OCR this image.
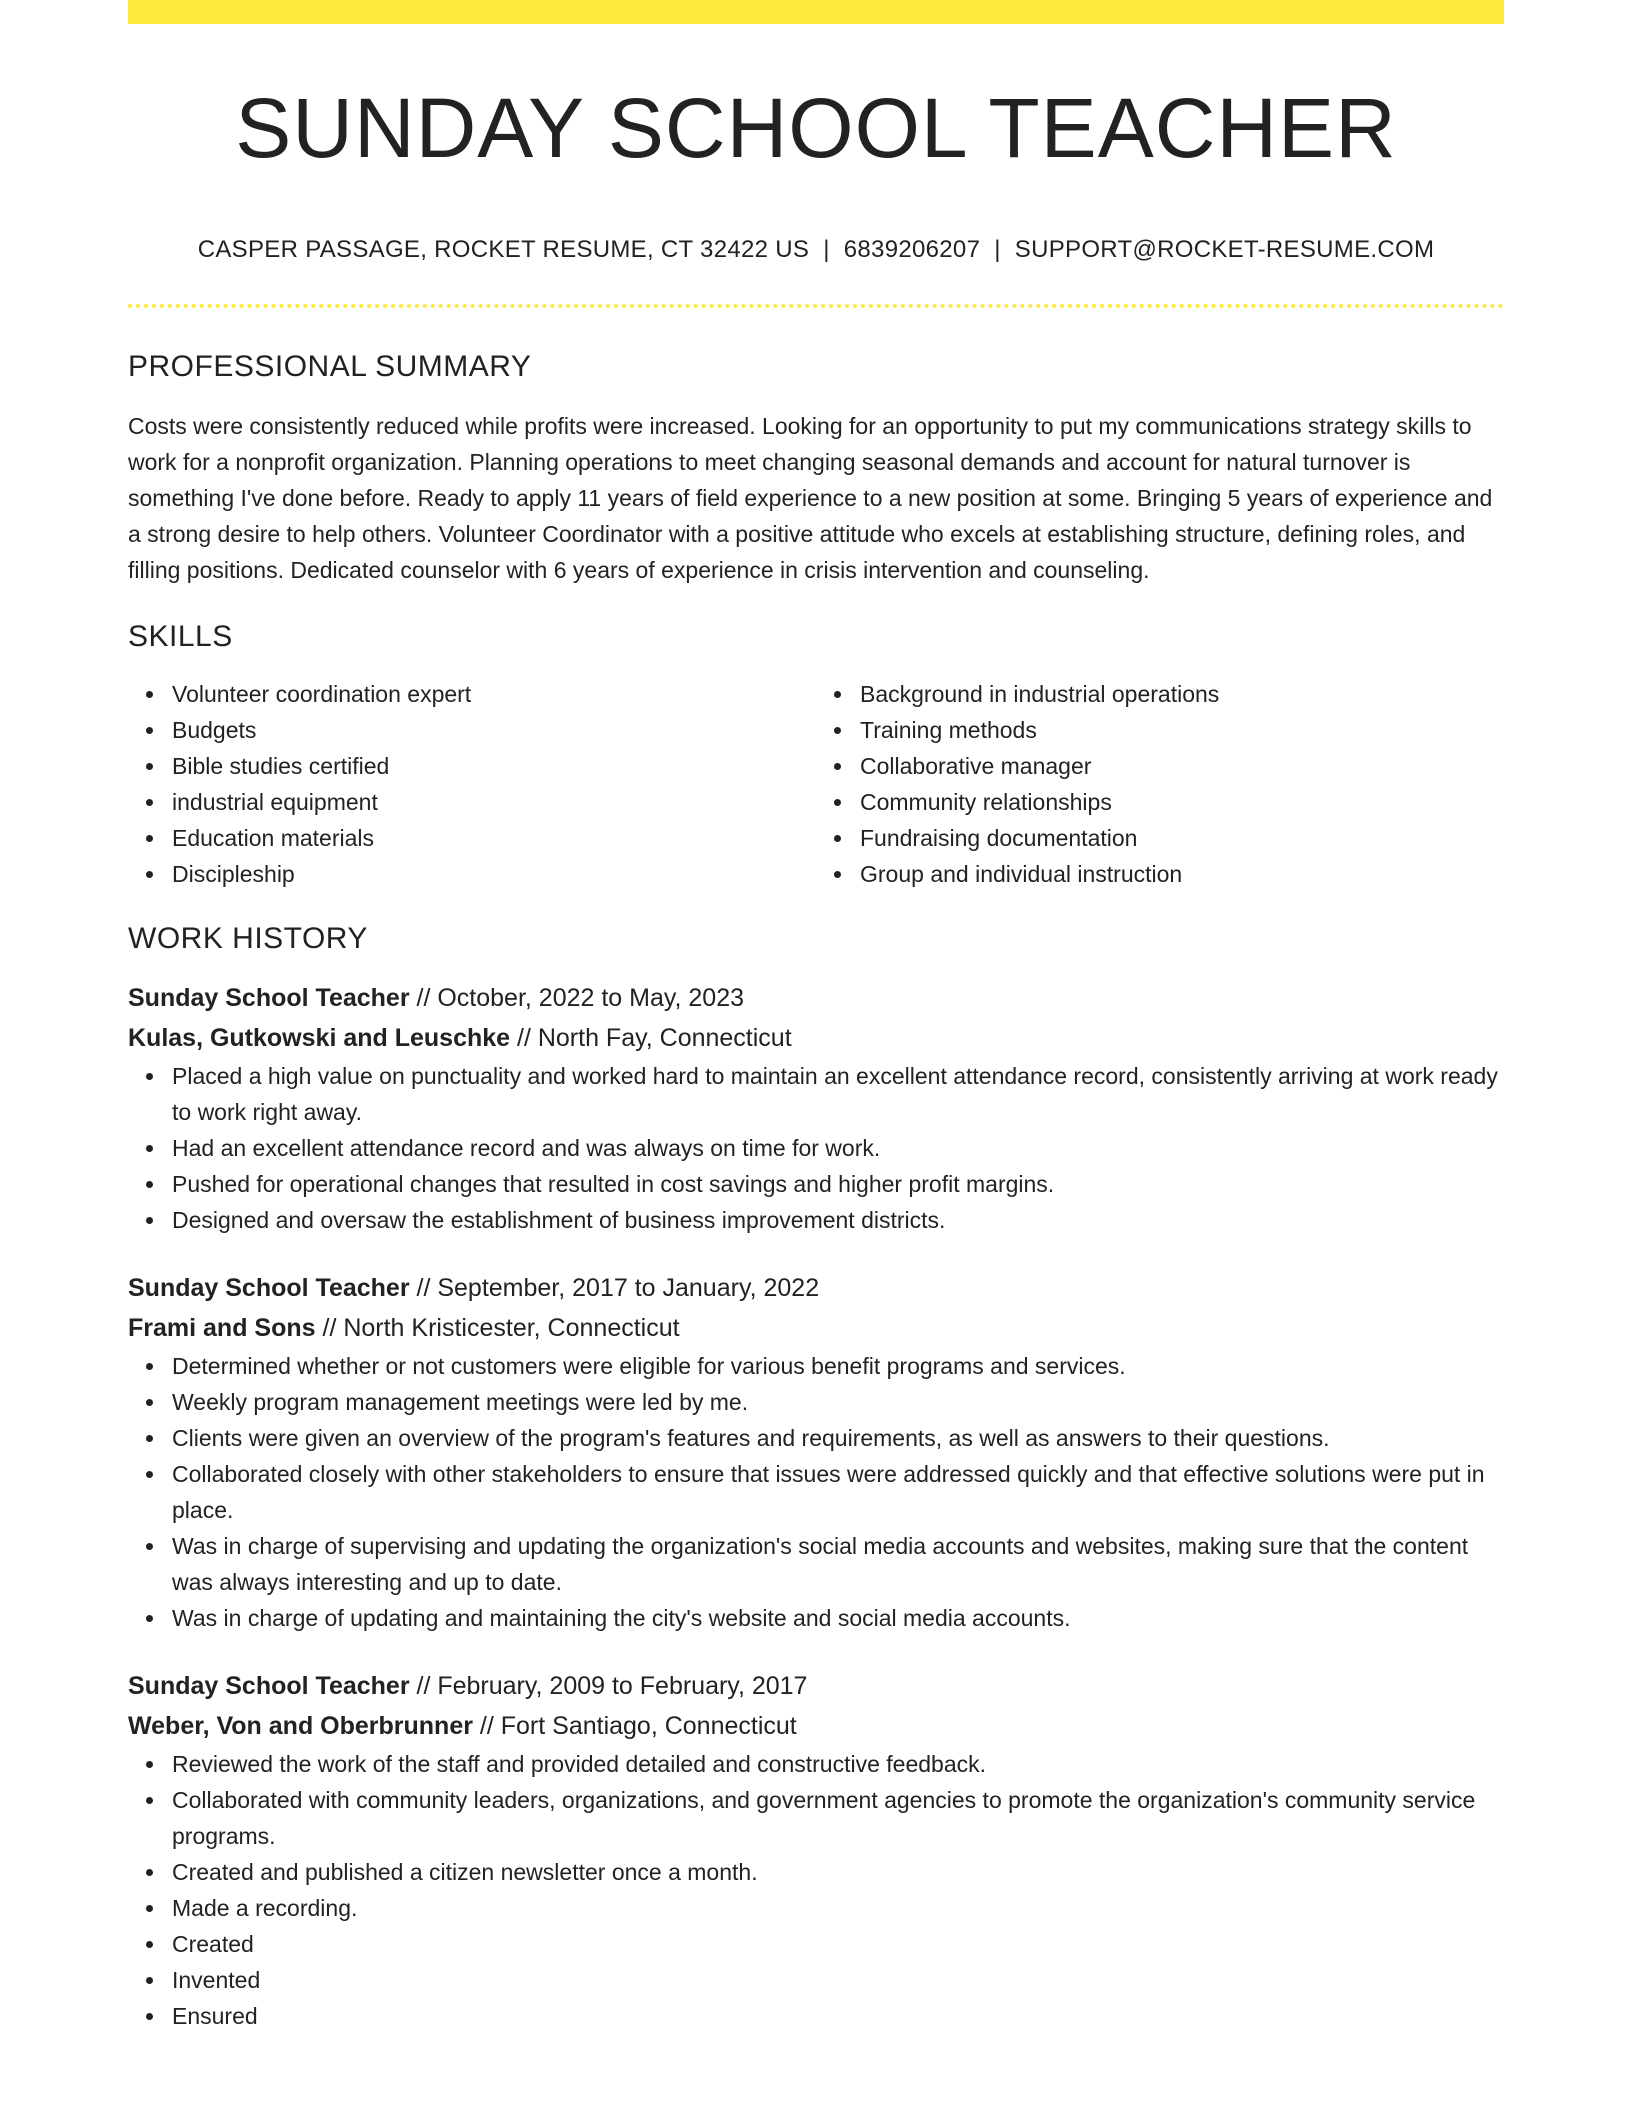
SUNDAY SCHOOL TEACHER
CASPER PASSAGE, ROCKET RESUME, CT 32422 US | 6839206207 | SUPPORT@ROCKET-RESUME.COM
PROFESSIONAL SUMMARY

Costs were consistently reduced while profits were increased. Looking for an opportunity to put my communications strategy skills to work for a nonprofit organization. Planning operations to meet changing seasonal demands and account for natural turnover is something I've done before. Ready to apply 11 years of field experience to a new position at some. Bringing 5 years of experience and a strong desire to help others. Volunteer Coordinator with a positive attitude who excels at establishing structure, defining roles, and filling positions. Dedicated counselor with 6 years of experience in crisis intervention and counseling.

SKILLS
Volunteer coordination expert
Budgets
Bible studies certified
industrial equipment
Education materials
Discipleship
Background in industrial operations
Training methods
Collaborative manager
Community relationships
Fundraising documentation
Group and individual instruction
WORK HISTORY
Sunday School Teacher // October, 2022 to May, 2023
Kulas, Gutkowski and Leuschke // North Fay, Connecticut
Placed a high value on punctuality and worked hard to maintain an excellent attendance record, consistently arriving at work ready to work right away.
Had an excellent attendance record and was always on time for work.
Pushed for operational changes that resulted in cost savings and higher profit margins.
Designed and oversaw the establishment of business improvement districts.
Sunday School Teacher // September, 2017 to January, 2022
Frami and Sons // North Kristicester, Connecticut
Determined whether or not customers were eligible for various benefit programs and services.
Weekly program management meetings were led by me.
Clients were given an overview of the program's features and requirements, as well as answers to their questions.
Collaborated closely with other stakeholders to ensure that issues were addressed quickly and that effective solutions were put in place.
Was in charge of supervising and updating the organization's social media accounts and websites, making sure that the content was always interesting and up to date.
Was in charge of updating and maintaining the city's website and social media accounts.
Sunday School Teacher // February, 2009 to February, 2017
Weber, Von and Oberbrunner // Fort Santiago, Connecticut
Reviewed the work of the staff and provided detailed and constructive feedback.
Collaborated with community leaders, organizations, and government agencies to promote the organization's community service programs.
Created and published a citizen newsletter once a month.
Made a recording.
Created
Invented
Ensured
